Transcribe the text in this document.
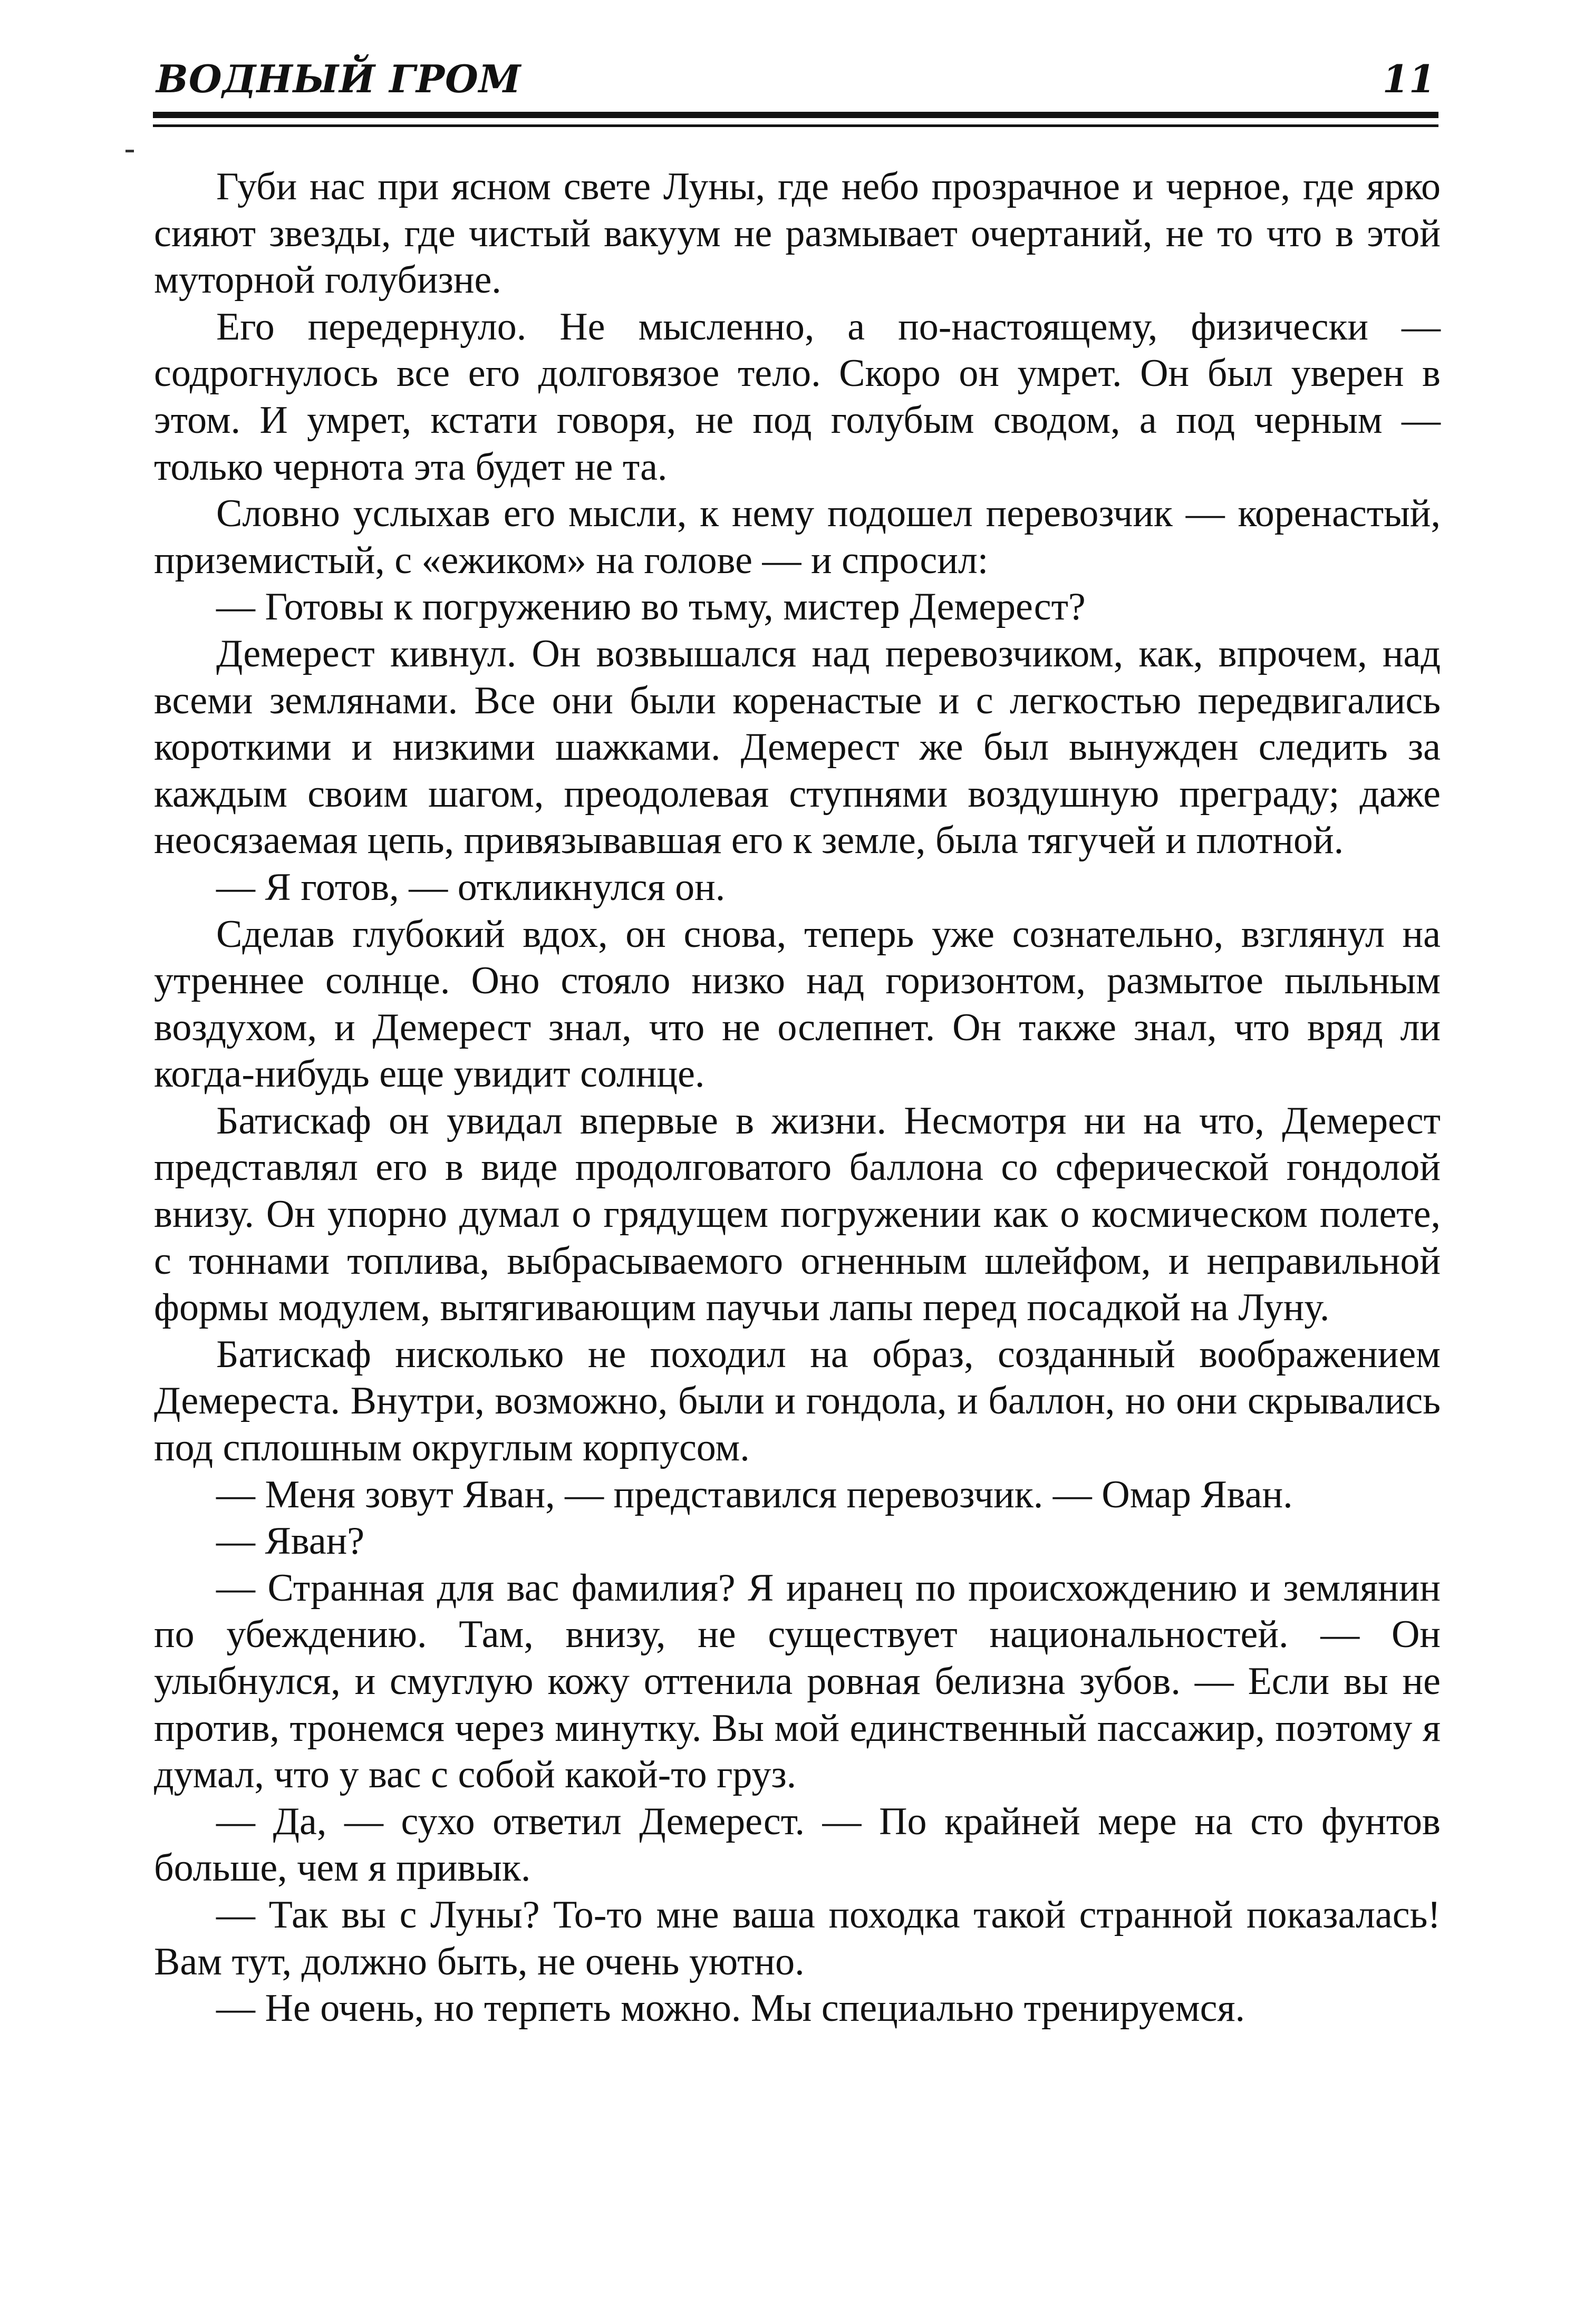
ВОДНЫЙ ГРОМ	11

Губи нас при ясном свете Луны, где небо прозрачное и черное, где ярко сияют звезды, где чистый вакуум не размывает очертаний, не то что в этой муторной голубизне.

Его передернуло. Не мысленно, а по-настоящему, физически — содрогнулось все его долговязое тело. Скоро он умрет. Он был уверен в этом. И умрет, кстати говоря, не под голубым сводом, а под черным — только чернота эта будет не та.

Словно услыхав его мысли, к нему подошел перевозчик — коренастый, приземистый, с «ежиком» на голове — и спросил:

— Готовы к погружению во тьму, мистер Демерест?

Демерест кивнул. Он возвышался над перевозчиком, как, впрочем, над всеми землянами. Все они были коренастые и с легкостью передвигались короткими и низкими шажками. Демерест же был вынужден следить за каждым своим шагом, преодолевая ступнями воздушную преграду; даже неосязаемая цепь, привязывавшая его к земле, была тягучей и плотной.

— Я готов, — откликнулся он.

Сделав глубокий вдох, он снова, теперь уже сознательно, взглянул на утреннее солнце. Оно стояло низко над горизонтом, размытое пыльным воздухом, и Демерест знал, что не ослепнет. Он также знал, что вряд ли когда-нибудь еще увидит солнце.

Батискаф он увидал впервые в жизни. Несмотря ни на что, Демерест представлял его в виде продолговатого баллона со сферической гондолой внизу. Он упорно думал о грядущем погружении как о космическом полете, с тоннами топлива, выбрасываемого огненным шлейфом, и неправильной формы модулем, вытягивающим паучьи лапы перед посадкой на Луну.

Батискаф нисколько не походил на образ, созданный воображением Демереста. Внутри, возможно, были и гондола, и баллон, но они скрывались под сплошным округлым корпусом.

— Меня зовут Яван, — представился перевозчик. — Омар Яван.

— Яван?

— Странная для вас фамилия? Я иранец по происхождению и землянин по убеждению. Там, внизу, не существует национальностей. — Он улыбнулся, и смуглую кожу оттенила ровная белизна зубов. — Если вы не против, тронемся через минутку. Вы мой единственный пассажир, поэтому я думал, что у вас с собой какой-то груз.

— Да, — сухо ответил Демерест. — По крайней мере на сто фунтов больше, чем я привык.

— Так вы с Луны? То-то мне ваша походка такой странной показалась! Вам тут, должно быть, не очень уютно.

— Не очень, но терпеть можно. Мы специально тренируемся.
